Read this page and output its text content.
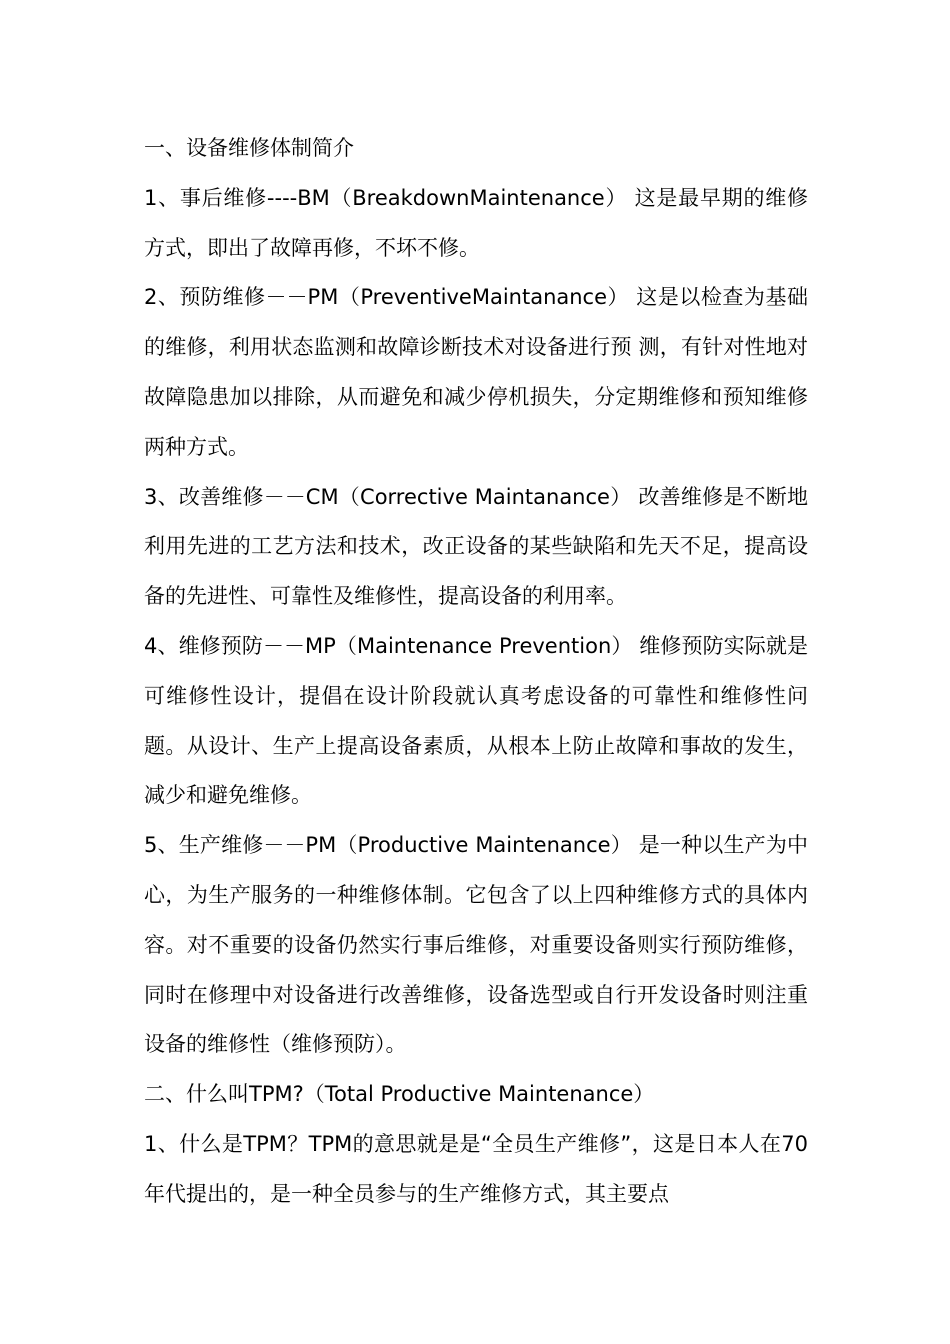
一、设备维修体制简介

1、事后维修----BM（BreakdownMaintenance） 这是最早期的维修方式，即出了故障再修，不坏不修。

2、预防维修－－PM（PreventiveMaintanance） 这是以检查为基础的维修，利用状态监测和故障诊断技术对设备进行预 测，有针对性地对故障隐患加以排除，从而避免和减少停机损失，分定期维修和预知维修两种方式。

3、改善维修－－CM（Corrective Maintanance） 改善维修是不断地利用先进的工艺方法和技术，改正设备的某些缺陷和先天不足，提高设备的先进性、可靠性及维修性，提高设备的利用率。

4、维修预防－－MP（Maintenance Prevention） 维修预防实际就是可维修性设计，提倡在设计阶段就认真考虑设备的可靠性和维修性问题。从设计、生产上提高设备素质，从根本上防止故障和事故的发生，减少和避免维修。

5、生产维修－－PM（Productive Maintenance） 是一种以生产为中心，为生产服务的一种维修体制。它包含了以上四种维修方式的具体内容。对不重要的设备仍然实行事后维修，对重要设备则实行预防维修，同时在修理中对设备进行改善维修，设备选型或自行开发设备时则注重设备的维修性（维修预防）。

二、什么叫TPM?（Total Productive Maintenance）

1、什么是TPM？TPM的意思就是是“全员生产维修”，这是日本人在70年代提出的，是一种全员参与的生产维修方式，其主要点
